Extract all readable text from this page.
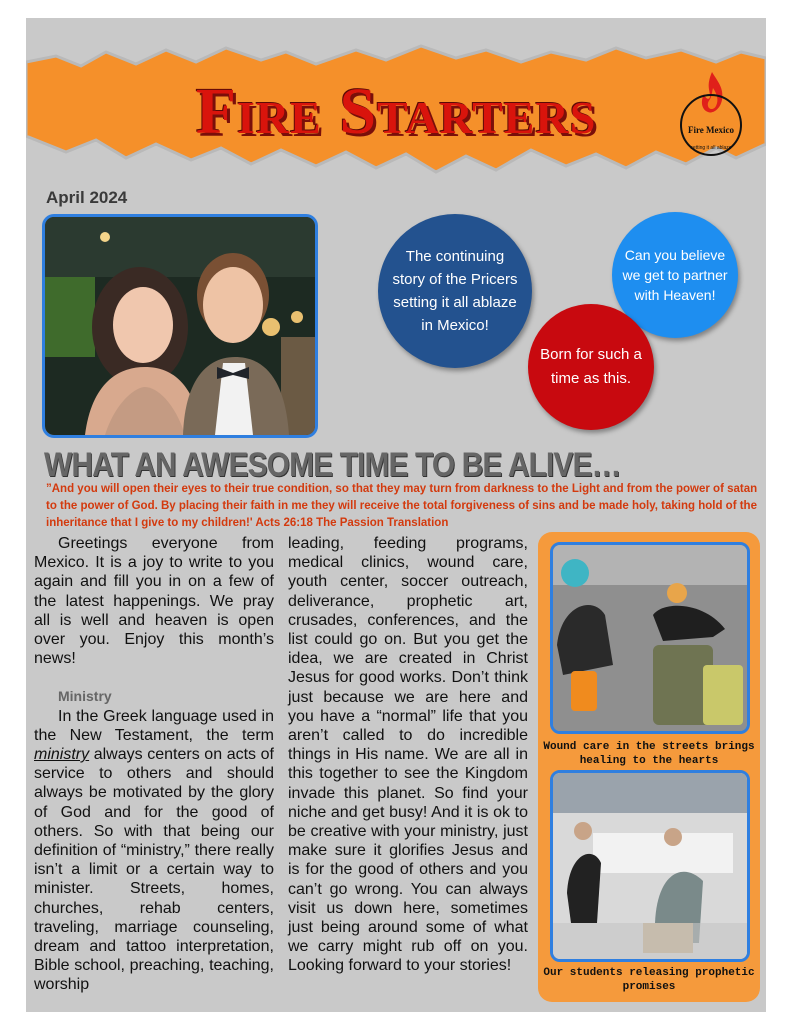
Fire Starters	Fire Mexico
setting it all ablaze
April 2024
The continuing story of the Pricers setting it all ablaze in Mexico!
Can you believe we get to partner with Heaven!
Born for such a time as this.
WHAT AN AWESOME TIME TO BE ALIVE…
”And you will open their eyes to their true condition, so that they may turn from darkness to the Light and from the power of satan to the power of God. By placing their faith in me they will receive the total forgiveness of sins and be made holy, taking hold of the inheritance that I give to my children!' Acts 26:18 The Passion Translation

Greetings everyone from Mexico. It is a joy to write to you again and fill you in on a few of the latest happenings. We pray all is well and heaven is open over you. Enjoy this month’s news!

Ministry

In the Greek language used in the New Testament, the term ministry always centers on acts of service to others and should always be motivated by the glory of God and for the good of others. So with that being our definition of “ministry,” there really isn’t a limit or a certain way to minister. Streets, homes, churches, rehab centers, traveling, marriage counseling, dream and tattoo interpretation, Bible school, preaching, teaching, worship

leading, feeding programs, medical clinics, wound care, youth center, soccer outreach, deliverance, prophetic art, crusades, conferences, and the list could go on. But you get the idea, we are created in Christ Jesus for good works. Don’t think just because we are here and you have a “normal” life that you aren’t called to do incredible things in His name. We are all in this together to see the Kingdom invade this planet. So find your niche and get busy! And it is ok to be creative with your ministry, just make sure it glorifies Jesus and is for the good of others and you can’t go wrong. You can always visit us down here, sometimes just being around some of what we carry might rub off on you. Looking forward to your stories!

Wound care in the streets brings healing to the hearts
Our students releasing prophetic promises
